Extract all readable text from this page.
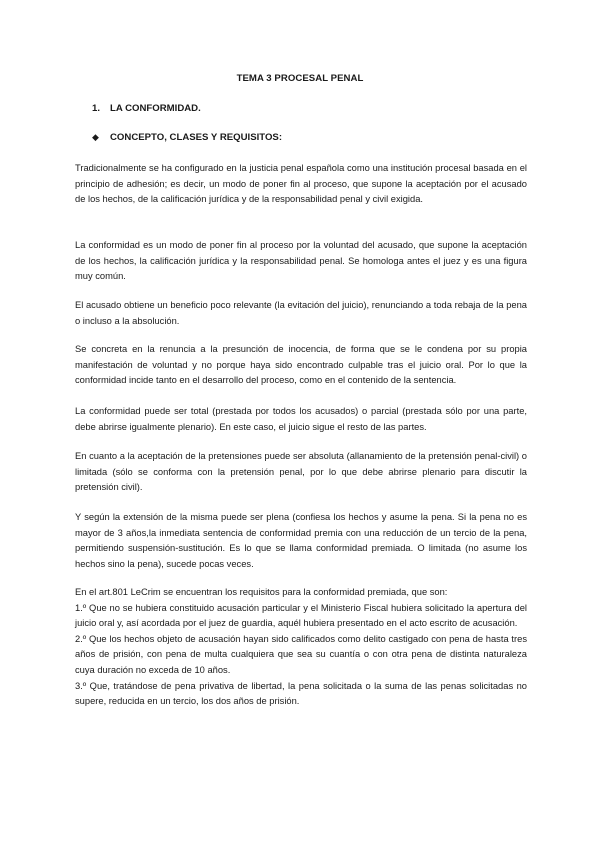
TEMA 3 PROCESAL PENAL
1. LA CONFORMIDAD.
◆ CONCEPTO, CLASES Y REQUISITOS:

Tradicionalmente se ha configurado en la justicia penal española como una institución procesal basada en el principio de adhesión; es decir, un modo de poner fin al proceso, que supone la aceptación por el acusado de los hechos, de la calificación jurídica y de la responsabilidad penal y civil exigida.

La conformidad es un modo de poner fin al proceso por la voluntad del acusado, que supone la aceptación de los hechos, la calificación jurídica y la responsabilidad penal. Se homologa antes el juez y es una figura muy común.

El acusado obtiene un beneficio poco relevante (la evitación del juicio), renunciando a toda rebaja de la pena o incluso a la absolución.

Se concreta en la renuncia a la presunción de inocencia, de forma que se le condena por su propia manifestación de voluntad y no porque haya sido encontrado culpable tras el juicio oral. Por lo que la conformidad incide tanto en el desarrollo del proceso, como en el contenido de la sentencia.

La conformidad puede ser total (prestada por todos los acusados) o parcial (prestada sólo por una parte, debe abrirse igualmente plenario). En este caso, el juicio sigue el resto de las partes.

En cuanto a la aceptación de la pretensiones puede ser absoluta (allanamiento de la pretensión penal-civil) o limitada (sólo se conforma con la pretensión penal, por lo que debe abrirse plenario para discutir la pretensión civil).

Y según la extensión de la misma puede ser plena (confiesa los hechos y asume la pena. Si la pena no es mayor de 3 años,la inmediata sentencia de conformidad premia con una reducción de un tercio de la pena, permitiendo suspensión-sustitución. Es lo que se llama conformidad premiada. O limitada (no asume los hechos sino la pena), sucede pocas veces.

En el art.801 LeCrim se encuentran los requisitos para la conformidad premiada, que son:
1.º Que no se hubiera constituido acusación particular y el Ministerio Fiscal hubiera solicitado la apertura del juicio oral y, así acordada por el juez de guardia, aquél hubiera presentado en el acto escrito de acusación.
2.º Que los hechos objeto de acusación hayan sido calificados como delito castigado con pena de hasta tres años de prisión, con pena de multa cualquiera que sea su cuantía o con otra pena de distinta naturaleza cuya duración no exceda de 10 años.
3.º Que, tratándose de pena privativa de libertad, la pena solicitada o la suma de las penas solicitadas no supere, reducida en un tercio, los dos años de prisión.
